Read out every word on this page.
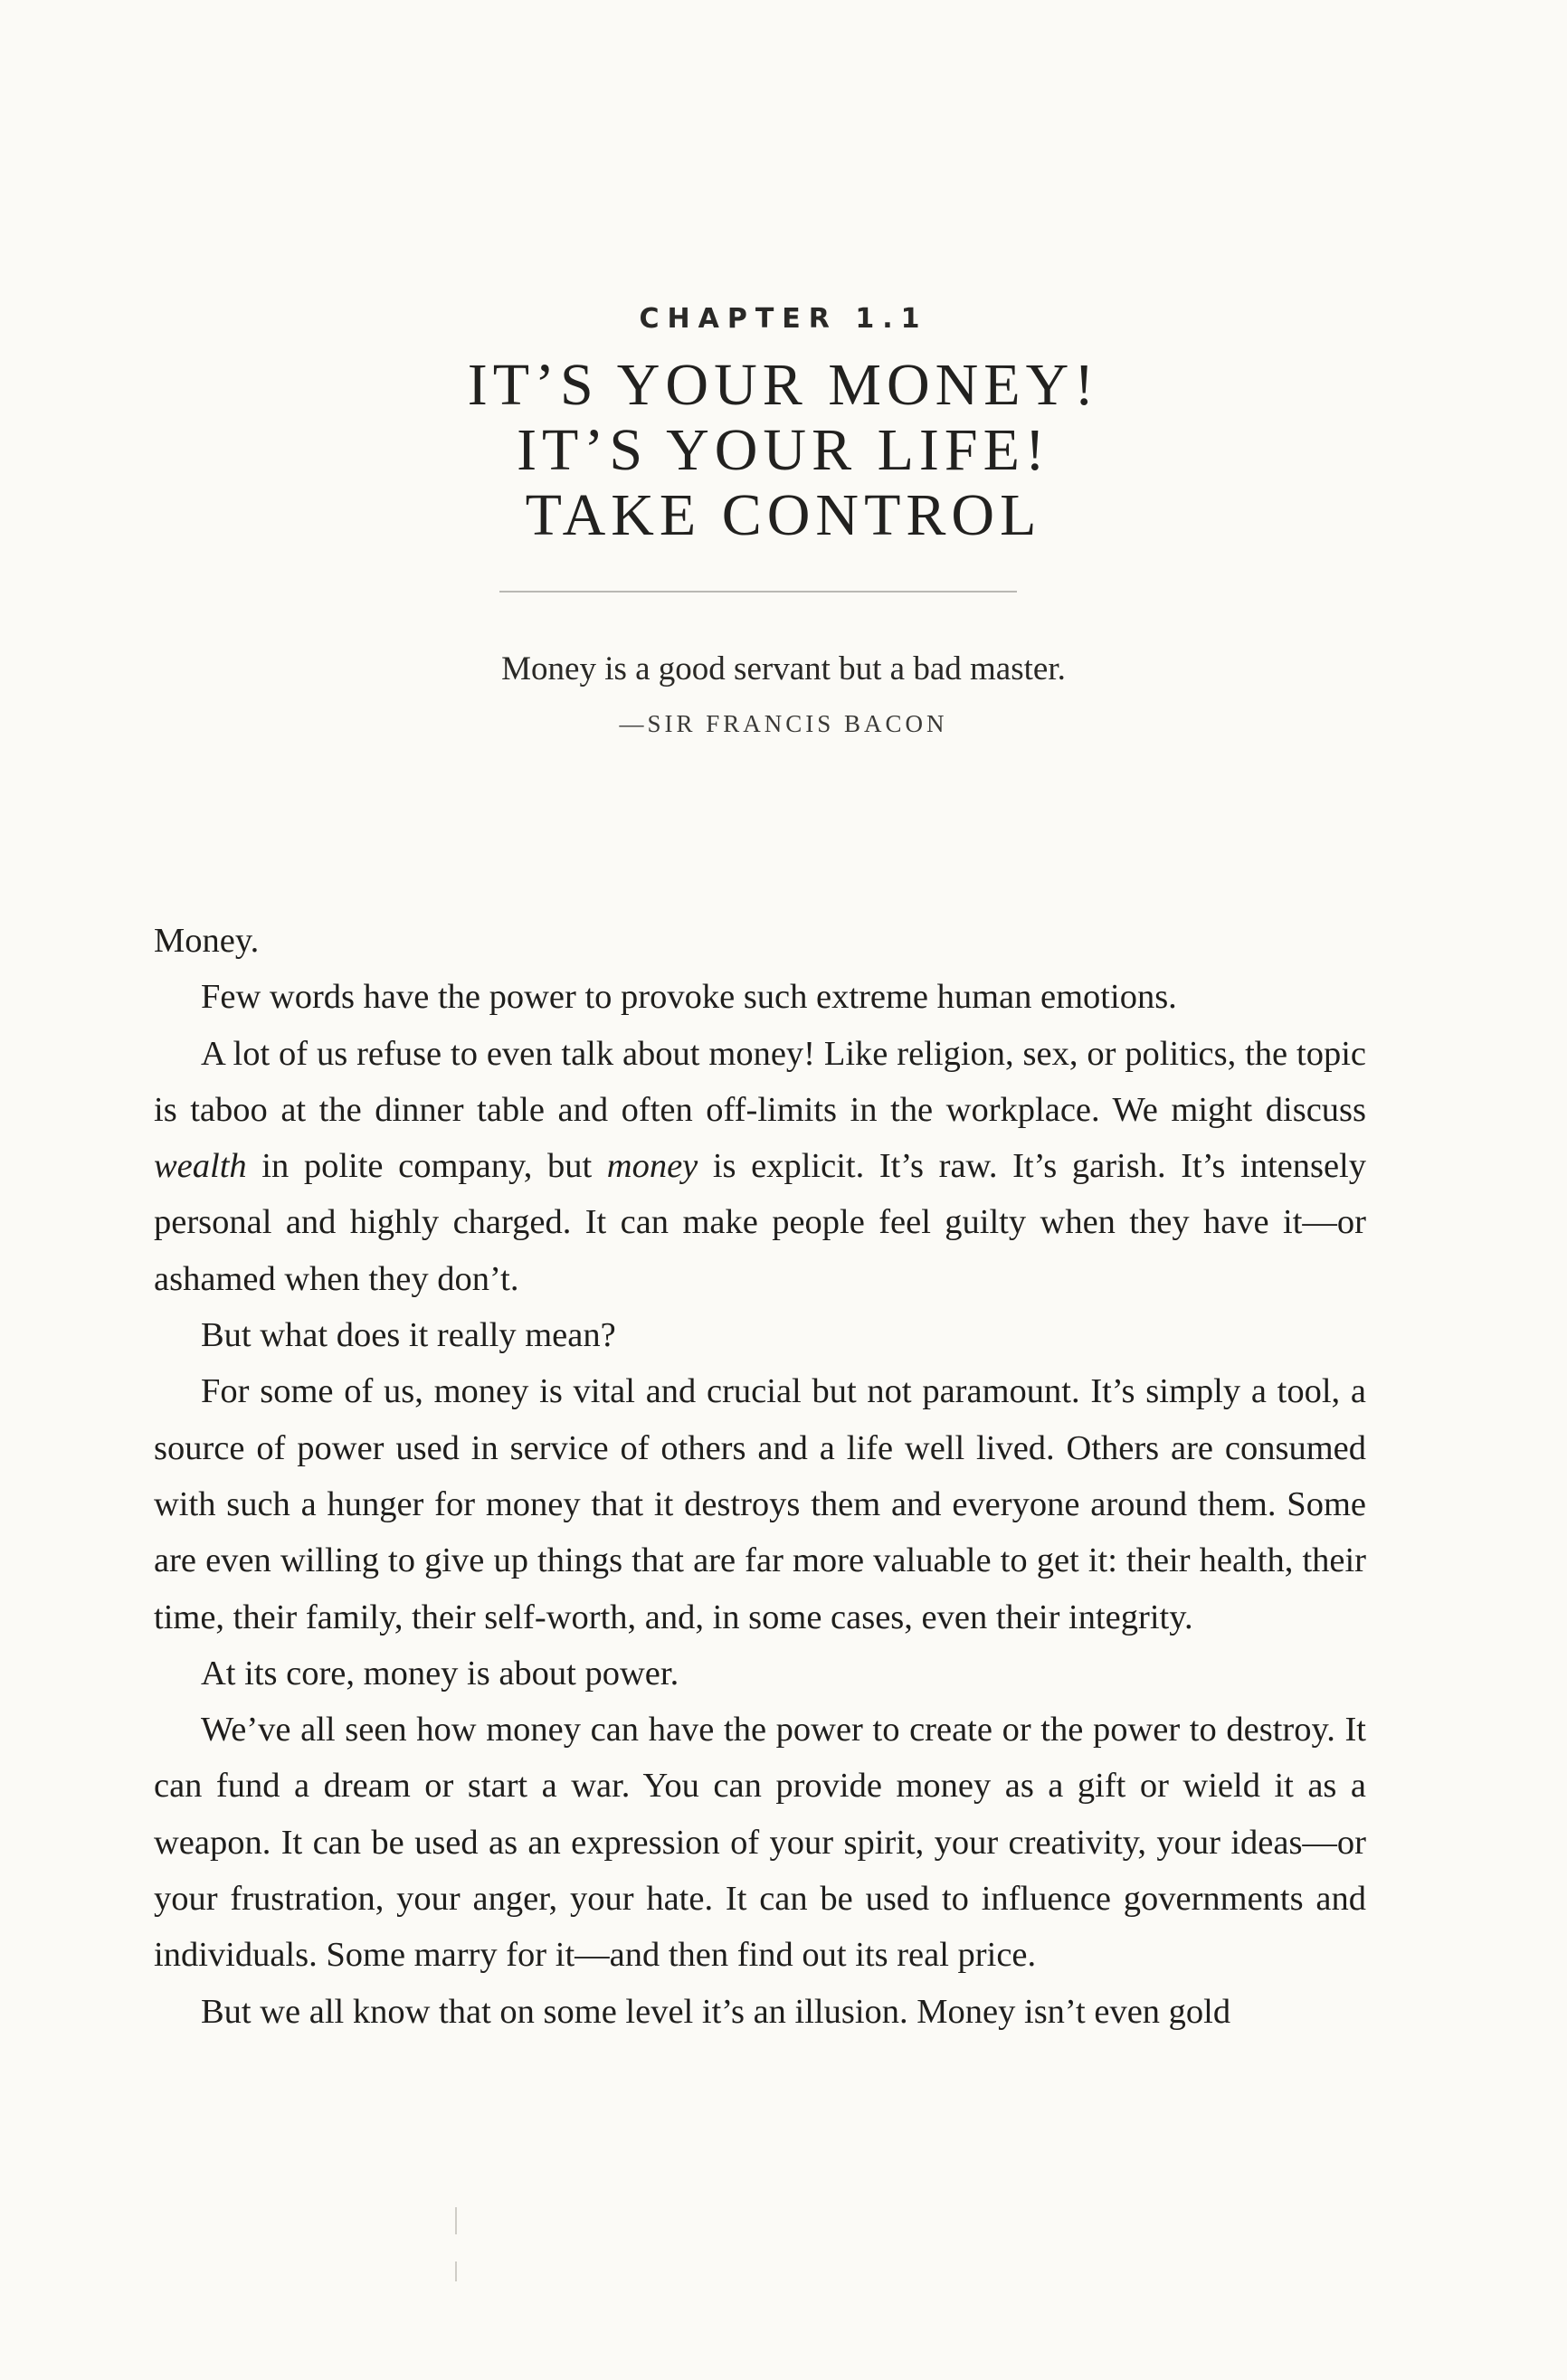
CHAPTER 1.1
IT’S YOUR MONEY!
IT’S YOUR LIFE!
TAKE CONTROL
Money is a good servant but a bad master.
—SIR FRANCIS BACON

Money.

Few words have the power to provoke such extreme human emotions.

A lot of us refuse to even talk about money! Like religion, sex, or politics, the topic is taboo at the dinner table and often off-limits in the workplace. We might discuss wealth in polite company, but money is explicit. It’s raw. It’s garish. It’s intensely personal and highly charged. It can make people feel guilty when they have it—or ashamed when they don’t.

But what does it really mean?

For some of us, money is vital and crucial but not paramount. It’s simply a tool, a source of power used in service of others and a life well lived. Others are consumed with such a hunger for money that it destroys them and everyone around them. Some are even willing to give up things that are far more valuable to get it: their health, their time, their family, their self-worth, and, in some cases, even their integrity.

At its core, money is about power.

We’ve all seen how money can have the power to create or the power to destroy. It can fund a dream or start a war. You can provide money as a gift or wield it as a weapon. It can be used as an expression of your spirit, your creativity, your ideas—or your frustration, your anger, your hate. It can be used to influence governments and individuals. Some marry for it—and then find out its real price.

But we all know that on some level it’s an illusion. Money isn’t even gold
